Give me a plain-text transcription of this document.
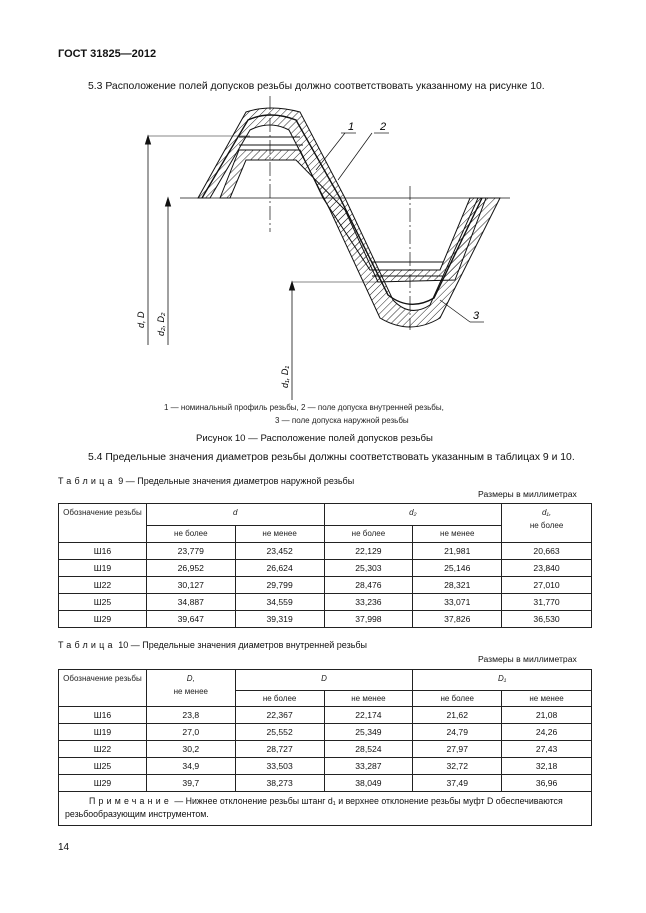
ГОСТ 31825—2012
5.3 Расположение полей допусков резьбы должно соответствовать указанному на рисунке 10.
1 2
3
d, D d₂, D₂
d₁, D₁
1 — номинальный профиль резьбы, 2 — поле допуска внутренней резьбы,
3 — поле допуска наружной резьбы
Рисунок 10 — Расположение полей допусков резьбы
5.4 Предельные значения диаметров резьбы должны соответствовать указанным в таблицах 9 и 10.
Таблица 9 — Предельные значения диаметров наружной резьбы
Размеры в миллиметрах
Обозначение резьбы	d		d₂		d₁,
не более
	не более	не менее	не более	не менее	
Ш16	23,779	23,452	22,129	21,981	20,663
Ш19	26,952	26,624	25,303	25,146	23,840
Ш22	30,127	29,799	28,476	28,321	27,010
Ш25	34,887	34,559	33,236	33,071	31,770
Ш29	39,647	39,319	37,998	37,826	36,530
Таблица 10 — Предельные значения диаметров внутренней резьбы
Размеры в миллиметрах
Обозначение резьбы	D,
не менее	D		D₁	
		не более	не менее	не более	не менее
Ш16	23,8	22,367	22,174	21,62	21,08
Ш19	27,0	25,552	25,349	24,79	24,26
Ш22	30,2	28,727	28,524	27,97	27,43
Ш25	34,9	33,503	33,287	32,72	32,18
Ш29	39,7	38,273	38,049	37,49	36,96
Примечание — Нижнее отклонение резьбы штанг d₁ и верхнее отклонение резьбы муфт D обеспечиваются резьбообразующим инструментом.					
14
